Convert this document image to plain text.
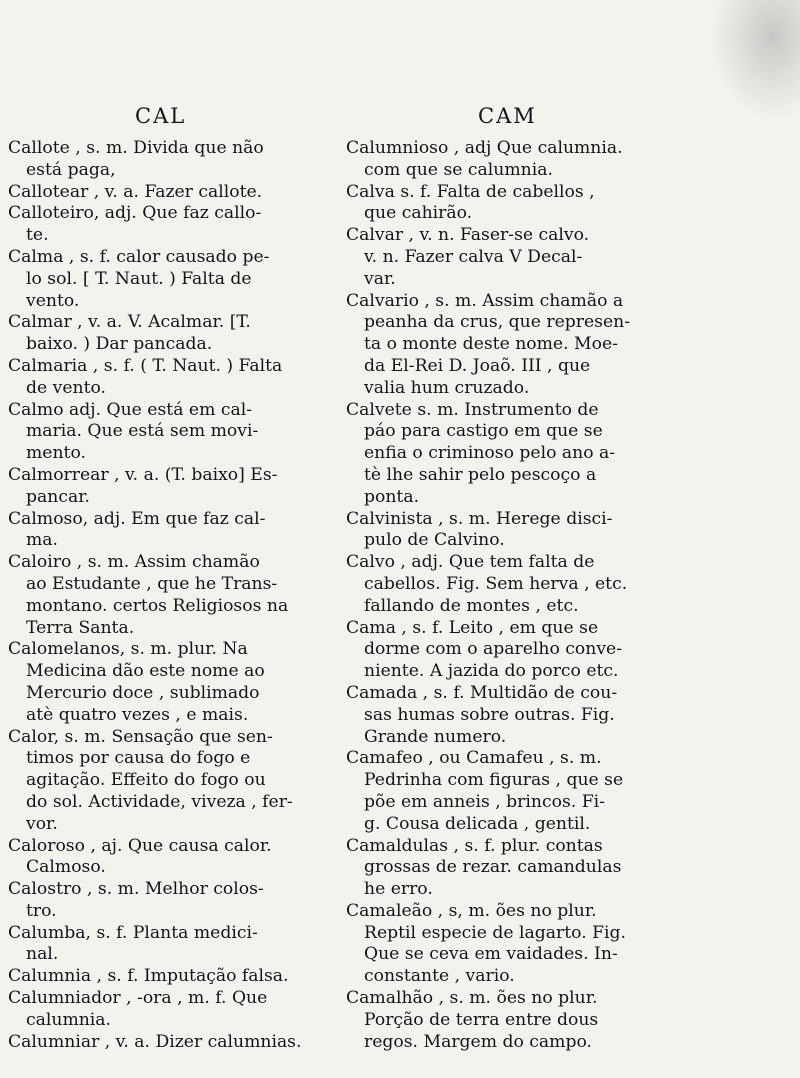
CAL	CAM

Callote , s. m. Divida que não
está paga,

Callotear , v. a. Fazer callote.

Calloteiro, adj. Que faz callo-
te.

Calma , s. f. calor causado pe-
lo sol. [ T. Naut. ) Falta de
vento.

Calmar , v. a. V. Acalmar. [T.
baixo. ) Dar pancada.

Calmaria , s. f. ( T. Naut. ) Falta
de vento.

Calmo adj. Que está em cal-
maria. Que está sem movi-
mento.

Calmorrear , v. a. (T. baixo] Es-
pancar.

Calmoso, adj. Em que faz cal-
ma.

Caloiro , s. m. Assim chamão
ao Estudante , que he Trans-
montano. certos Religiosos na
Terra Santa.

Calomelanos, s. m. plur. Na
Medicina dão este nome ao
Mercurio doce , sublimado
atè quatro vezes , e mais.

Calor, s. m. Sensação que sen-
timos por causa do fogo e
agitação. Effeito do fogo ou
do sol. Actividade, viveza , fer-
vor.

Caloroso , aj. Que causa calor.
Calmoso.

Calostro , s. m. Melhor colos-
tro.

Calumba, s. f. Planta medici-
nal.

Calumnia , s. f. Imputação falsa.

Calumniador , -ora , m. f. Que
calumnia.

Calumniar , v. a. Dizer calumnias.

Calumnioso , adj Que calumnia.
com que se calumnia.

Calva s. f. Falta de cabellos ,
que cahirão.

Calvar , v. n. Faser-se calvo.
v. n. Fazer calva V Decal-
var.

Calvario , s. m. Assim chamão a
peanha da crus, que represen-
ta o monte deste nome. Moe-
da El-Rei D. Joaõ. III , que
valia hum cruzado.

Calvete s. m. Instrumento de
páo para castigo em que se
enfia o criminoso pelo ano a-
tè lhe sahir pelo pescoço a
ponta.

Calvinista , s. m. Herege disci-
pulo de Calvino.

Calvo , adj. Que tem falta de
cabellos. Fig. Sem herva , etc.
fallando de montes , etc.

Cama , s. f. Leito , em que se
dorme com o aparelho conve-
niente. A jazida do porco etc.

Camada , s. f. Multidão de cou-
sas humas sobre outras. Fig.
Grande numero.

Camafeo , ou Camafeu , s. m.
Pedrinha com figuras , que se
põe em anneis , brincos. Fi-
g. Cousa delicada , gentil.

Camaldulas , s. f. plur. contas
grossas de rezar. camandulas
he erro.

Camaleão , s, m. ões no plur.
Reptil especie de lagarto. Fig.
Que se ceva em vaidades. In-
constante , vario.

Camalhão , s. m. ões no plur.
Porção de terra entre dous
regos. Margem do campo.
